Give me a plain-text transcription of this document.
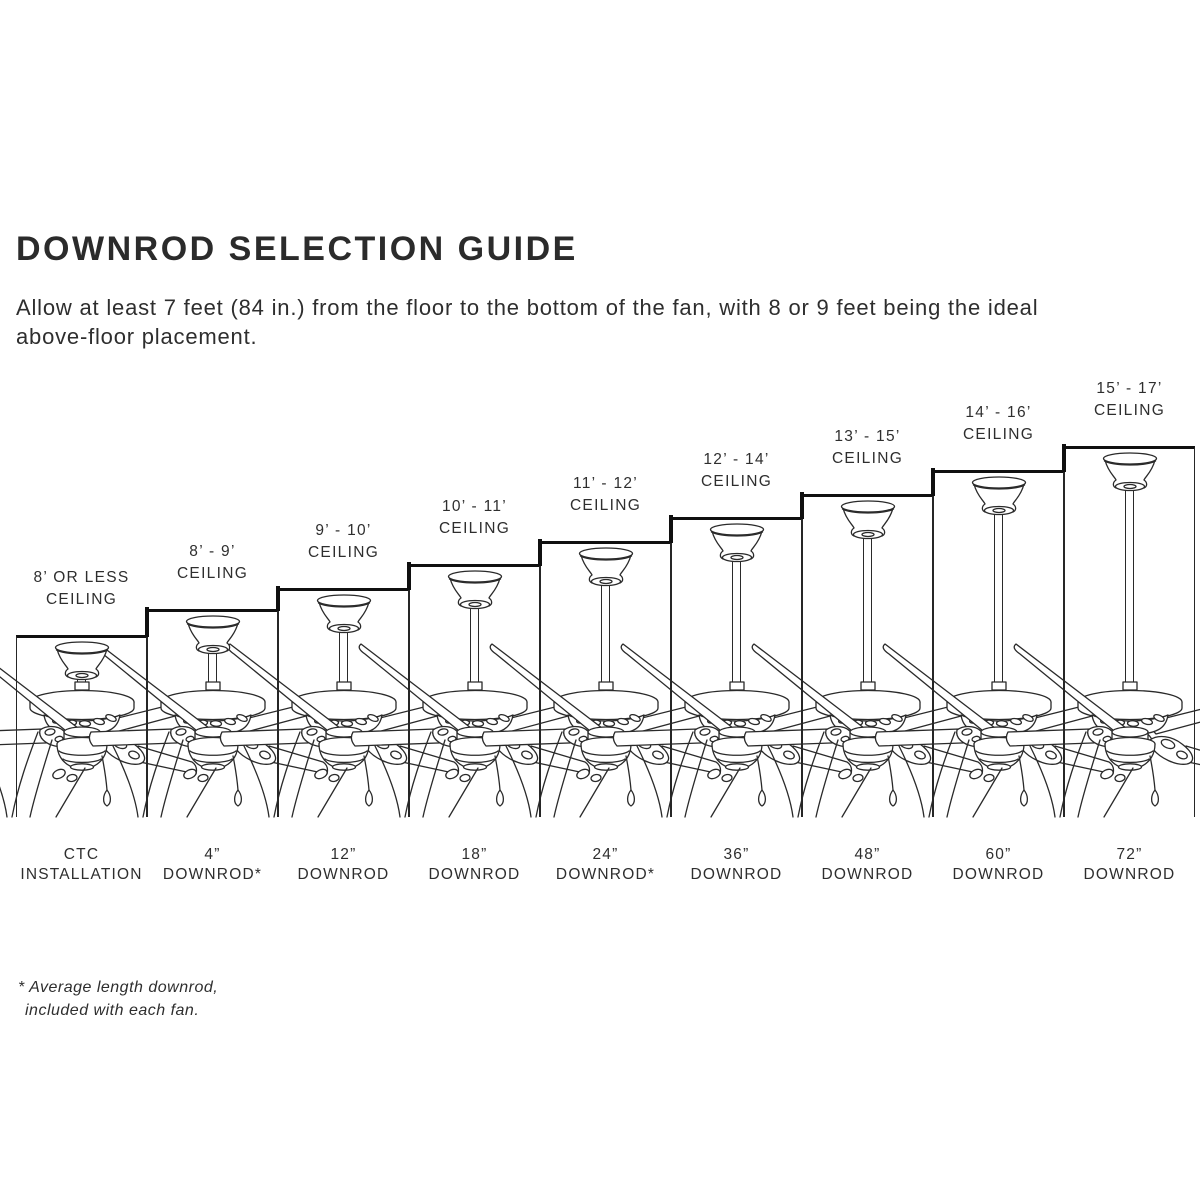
DOWNROD SELECTION GUIDE

Allow at least 7 feet (84 in.) from the floor to the bottom of the fan, with 8 or 9 feet being the ideal
above-floor placement.

8’ OR LESS
CEILING
CTC
INSTALLATION
8’ - 9’
CEILING
4”
DOWNROD*
9’ - 10’
CEILING
12”
DOWNROD
10’ - 11’
CEILING
18”
DOWNROD
11’ - 12’
CEILING
24”
DOWNROD*
12’ - 14’
CEILING
36”
DOWNROD
13’ - 15’
CEILING
48”
DOWNROD
14’ - 16’
CEILING
60”
DOWNROD
15’ - 17’
CEILING
72”
DOWNROD

* Average length downrod,
included with each fan.
